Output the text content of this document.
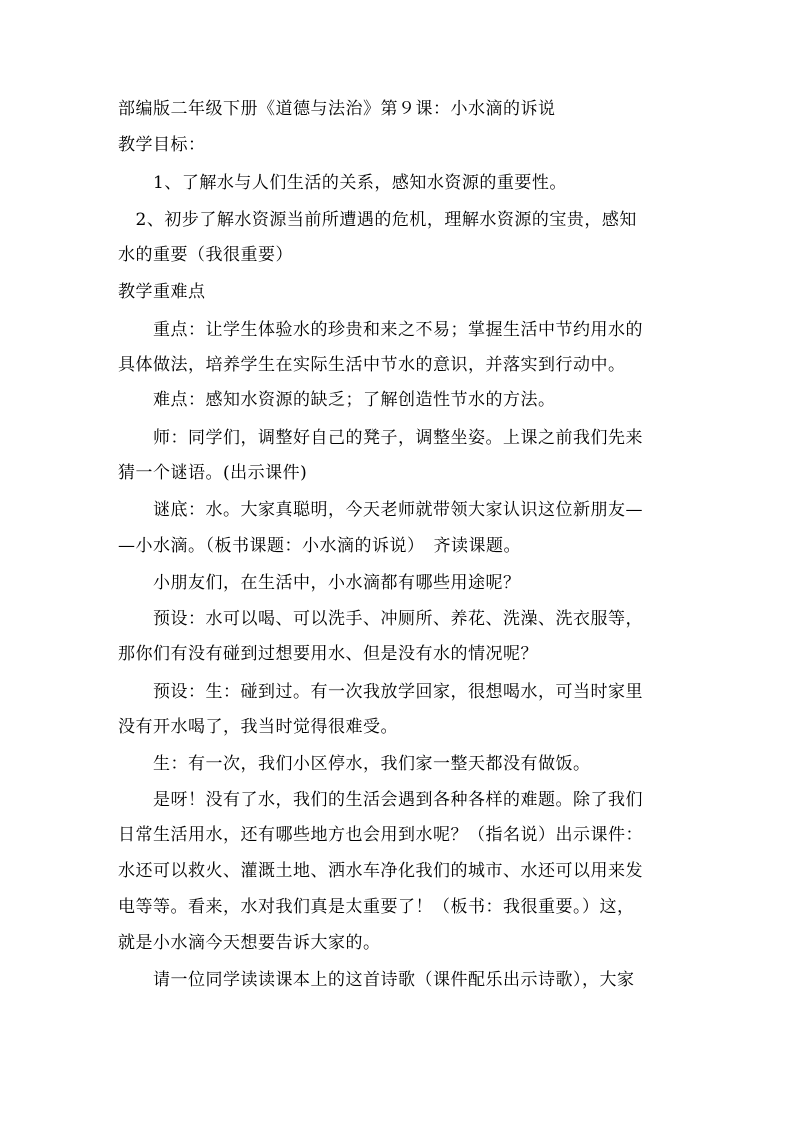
部编版二年级下册《道德与法治》第９课：小水滴的诉说
教学目标：
　　1、了解水与人们生活的关系，感知水资源的重要性。
　2、初步了解水资源当前所遭遇的危机，理解水资源的宝贵，感知
水的重要（我很重要）
教学重难点
　　重点：让学生体验水的珍贵和来之不易；掌握生活中节约用水的
具体做法，培养学生在实际生活中节水的意识，并落实到行动中。
　　难点：感知水资源的缺乏；了解创造性节水的方法。
　　师：同学们，调整好自己的凳子，调整坐姿。上课之前我们先来
猜一个谜语。(出示课件)
　　谜底：水。大家真聪明，今天老师就带领大家认识这位新朋友—
—小水滴。（板书课题：小水滴的诉说）　齐读课题。
　　小朋友们，在生活中，小水滴都有哪些用途呢？
　　预设：水可以喝、可以洗手、冲厕所、养花、洗澡、洗衣服等，
那你们有没有碰到过想要用水、但是没有水的情况呢？
　　预设：生：碰到过。有一次我放学回家，很想喝水，可当时家里
没有开水喝了，我当时觉得很难受。
　　生：有一次，我们小区停水，我们家一整天都没有做饭。
　　是呀！没有了水，我们的生活会遇到各种各样的难题。除了我们
日常生活用水，还有哪些地方也会用到水呢？（指名说）出示课件：
水还可以救火、灌溉土地、洒水车净化我们的城市、水还可以用来发
电等等。看来，水对我们真是太重要了！（板书：我很重要。）这，
就是小水滴今天想要告诉大家的。
　　请一位同学读读课本上的这首诗歌（课件配乐出示诗歌），大家
